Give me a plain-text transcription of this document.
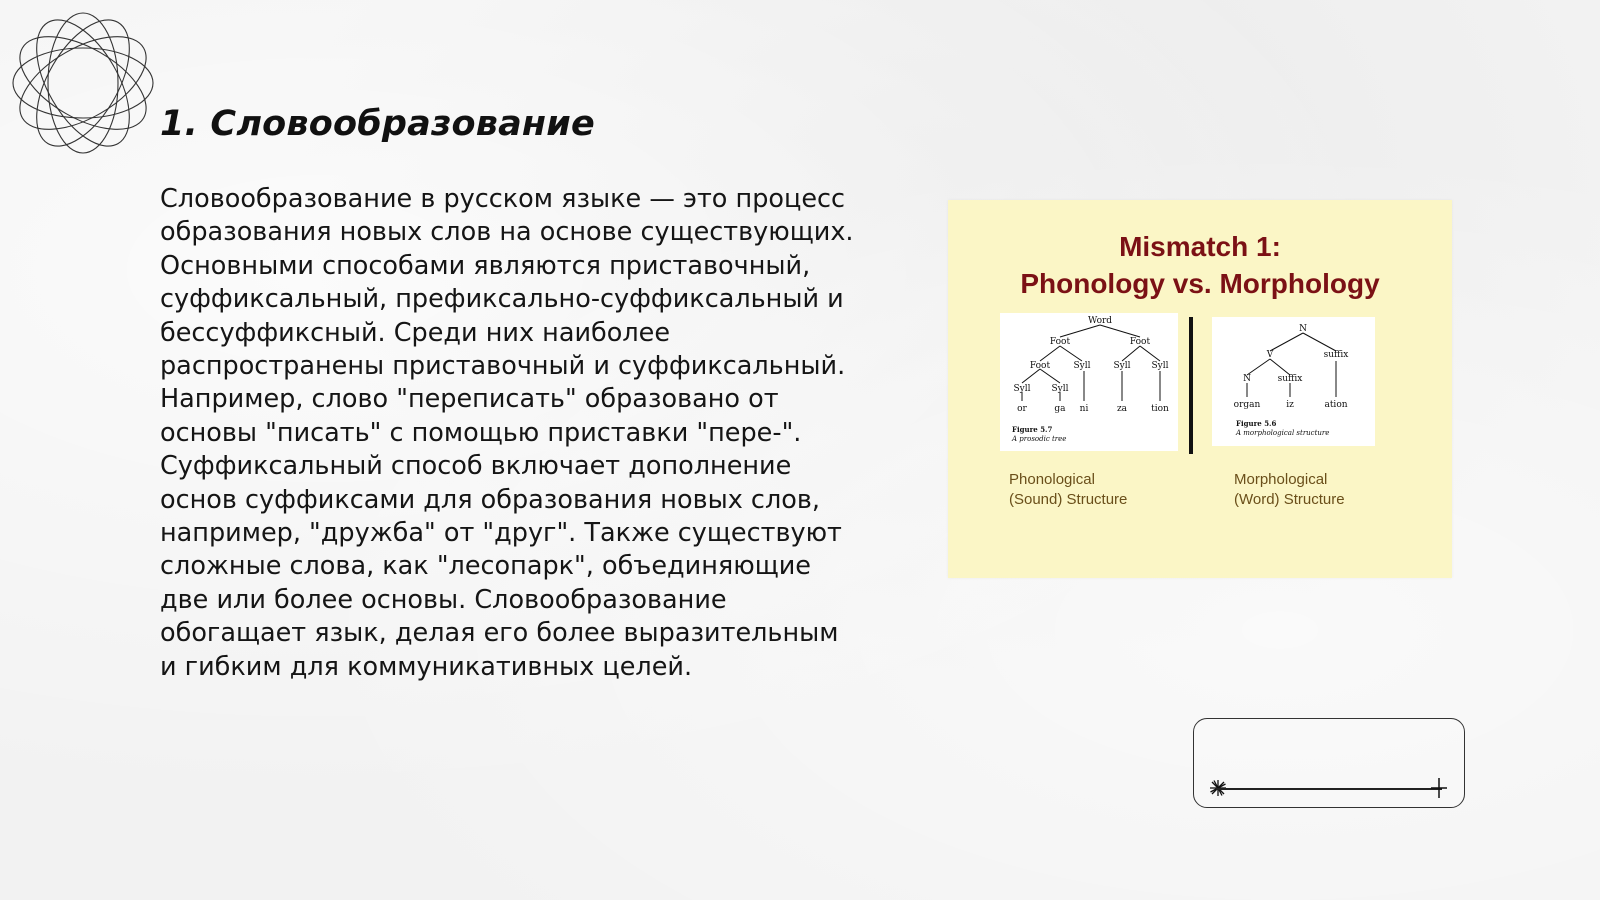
1. Словообразование

Словообразование в русском языке — это процесс образования новых слов на основе существующих. Основными способами являются приставочный, суффиксальный, префиксально-суффиксальный и бессуффиксный. Среди них наиболее распространены приставочный и суффиксальный. Например, слово "переписать" образовано от основы "писать" с помощью приставки "пере-". Суффиксальный способ включает дополнение основ суффиксами для образования новых слов, например, "дружба" от "друг". Также существуют сложные слова, как "лесопарк", объединяющие две или более основы. Словообразование обогащает язык, делая его более выразительным и гибким для коммуникативных целей.

Mismatch 1:
Phonology vs. Morphology
Word
Foot	Foot
Foot	Syll	Syll Syll
Syll Syll
or	ga ni	za	tion
Figure 5.7
A prosodic tree
N
V	suffix
N	suffix
organ	iz	ation
Figure 5.6
A morphological structure
Phonological
(Sound) Structure
Morphological
(Word) Structure
